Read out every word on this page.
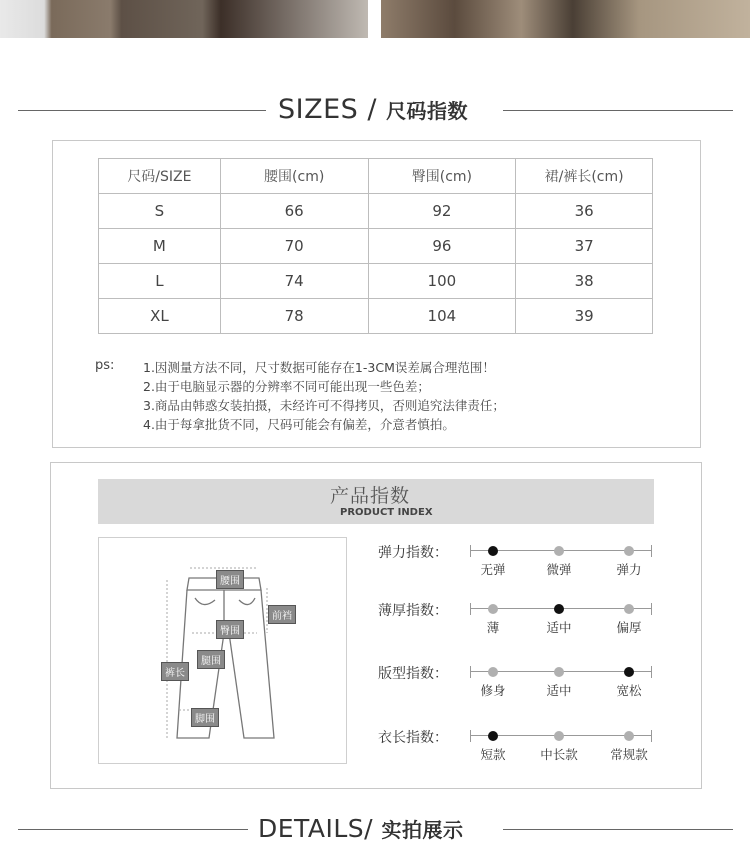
SIZES / 尺码指数
尺码/SIZE	腰围(cm)	臀围(cm)	裙/裤长(cm)
S	66	92	36
M	70	96	37
L	74	100	38
XL	78	104	39
ps: 1.因测量方法不同，尺寸数据可能存在1-3CM误差属合理范围！
2.由于电脑显示器的分辨率不同可能出现一些色差；
3.商品由韩惑女装拍摄，未经许可不得拷贝，否则追究法律责任；
4.由于每拿批货不同，尺码可能会有偏差，介意者慎拍。
产品指数
PRODUCT INDEX
腰围
前裆
臀围
腿围
裤长
脚围
弹力指数：
无弹	微弹	弹力
薄厚指数：
薄	适中	偏厚
版型指数：
修身	适中	宽松
衣长指数：
短款	中长款	常规款
DETAILS/ 实拍展示
